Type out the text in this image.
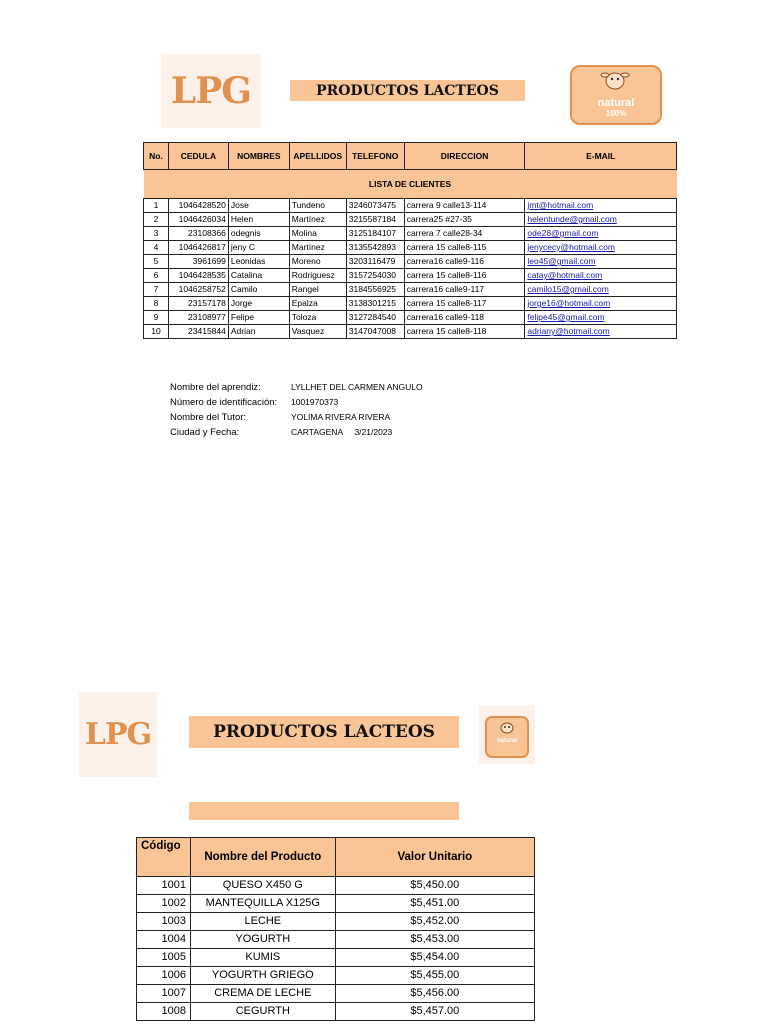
LPG	PRODUCTOS LACTEOS
natural
100%
LISTA DE CLIENTES						
No.	CEDULA	NOMBRES	APELLIDOS	TELEFONO	DIRECCION	E-MAIL
1	1046428520	Jose	Tundeno	3246073475	carrera 9 calle13-114	jmt@hotmail.com
2	1046426034	Helen	Martínez	3215587184	carrera25 #27-35	helentunde@gmail.com
3	23108366	odegnis	Molina	3125184107	carrera 7 calle28-34	ode28@gmail.com
4	1046426817	jeny C	Martínez	3135542893	carrera 15 calle8-115	jenycecy@hotmail.com
5	3961699	Leonidas	Moreno	3203116479	carrera16 calle9-116	leo45@gmail.com
6	1046428535	Catalina	Rodriguesz	3157254030	carrera 15 calle8-116	catay@hotmail.com
7	1046258752	Camilo	Rangel	3184556925	carrera16 calle9-117	camilo15@gmail.com
8	23157178	Jorge	Epalza	3138301215	carrera 15 calle8-117	jorge16@hotmail.com
9	23108977	Felipe	Toloza	3127284540	carrera16 calle9-118	felipe45@gmail.com
10	23415844	Adrian	Vasquez	3147047008	carrera 15 calle8-118	adriany@hotmail.com
Nombre del aprendiz:	LYLLHET DEL CARMEN ANGULO
Número de identificación:	1001970373
Nombre del Tutor:	YOLIMA RIVERA RIVERA
Ciudad y Fecha:	CARTAGENA     3/21/2023
LPG	PRODUCTOS LACTEOS	natural
Código	Nombre del Producto	Valor Unitario
1001	QUESO X450 G	$5,450.00
1002	MANTEQUILLA X125G	$5,451.00
1003	LECHE	$5,452.00
1004	YOGURTH	$5,453.00
1005	KUMIS	$5,454.00
1006	YOGURTH GRIEGO	$5,455.00
1007	CREMA DE LECHE	$5,456.00
1008	CEGURTH	$5,457.00
